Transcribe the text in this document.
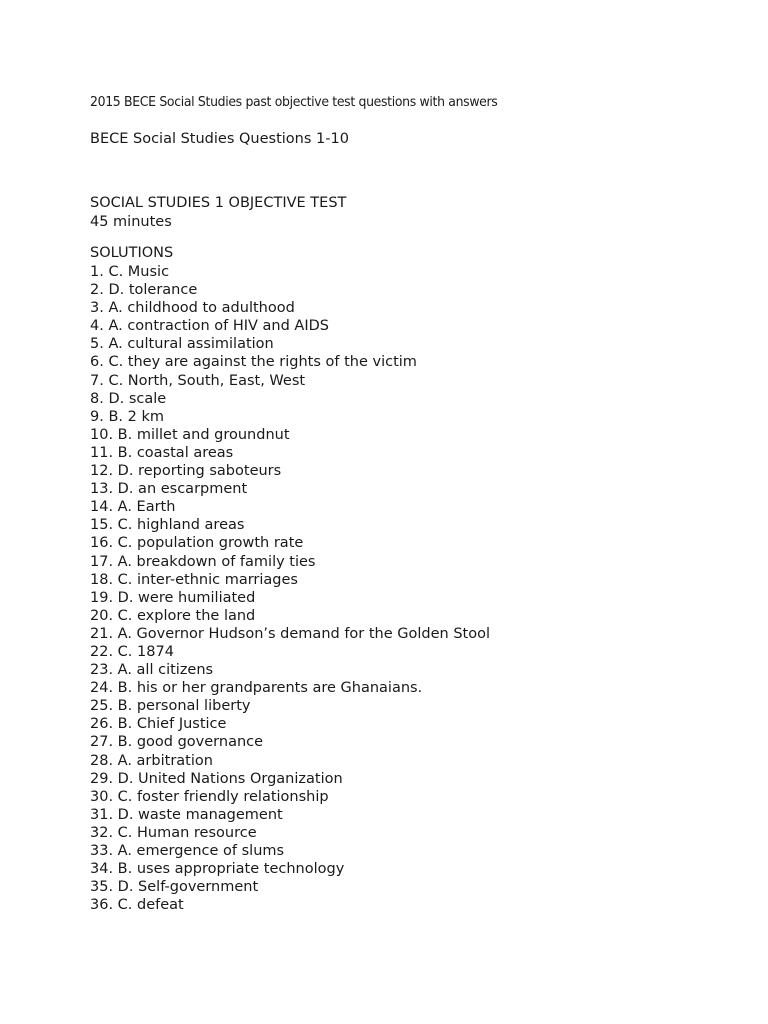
2015 BECE Social Studies past objective test questions with answers
BECE Social Studies Questions 1-10
SOCIAL STUDIES 1 OBJECTIVE TEST

45 minutes

SOLUTIONS
1. C. Music
2. D. tolerance
3. A. childhood to adulthood
4. A. contraction of HIV and AIDS
5. A. cultural assimilation
6. C. they are against the rights of the victim
7. C. North, South, East, West
8. D. scale
9. B. 2 km
10. B. millet and groundnut
11. B. coastal areas
12. D. reporting saboteurs
13. D. an escarpment
14. A. Earth
15. C. highland areas
16. C. population growth rate
17. A. breakdown of family ties
18. C. inter-ethnic marriages
19. D. were humiliated
20. C. explore the land
21. A. Governor Hudson’s demand for the Golden Stool
22. C. 1874
23. A. all citizens
24. B. his or her grandparents are Ghanaians.
25. B. personal liberty
26. B. Chief Justice
27. B. good governance
28. A. arbitration
29. D. United Nations Organization
30. C. foster friendly relationship
31. D. waste management
32. C. Human resource
33. A. emergence of slums
34. B. uses appropriate technology
35. D. Self-government
36. C. defeat
